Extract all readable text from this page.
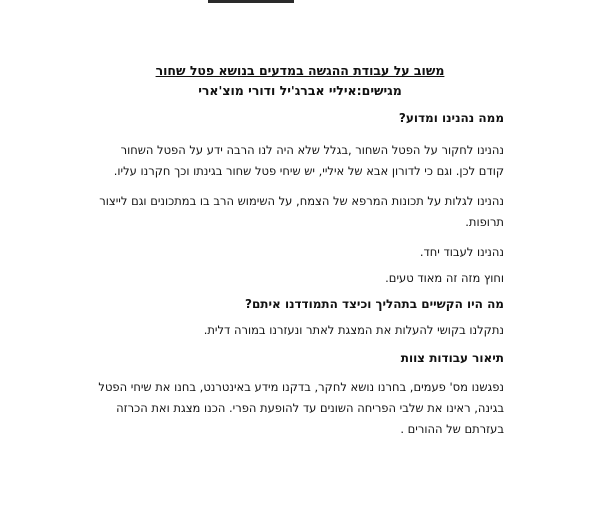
משוב על עבודת ההגשה במדעים בנושא פטל שחור

מגישים:איליי אברג'יל ודורי מוצ'ארי

ממה נהנינו ומדוע?

נהנינו לחקור על הפטל השחור ,בגלל שלא היה לנו הרבה ידע על הפטל השחור קודם לכן. וגם כי לדורון אבא של איליי, יש שיחי פטל שחור בגינתו וכך חקרנו עליו.

נהנינו לגלות על תכונות המרפא של הצמח, על השימוש הרב בו במתכונים וגם לייצור תרופות.

נהנינו לעבוד יחד.

וחוץ מזה זה מאוד טעים.

מה היו הקשיים בתהליך וכיצד התמודדנו איתם?

נתקלנו בקושי להעלות את המצגת לאתר ונעזרנו במורה דלית.

תיאור עבודות צוות

נפגשנו מס' פעמים, בחרנו נושא לחקר, בדקנו מידע באינטרנט, בחנו את שיחי הפטל בגינה, ראינו את שלבי הפריחה השונים עד להופעת הפרי. הכנו מצגת ואת הכרזה בעזרתם של ההורים .
